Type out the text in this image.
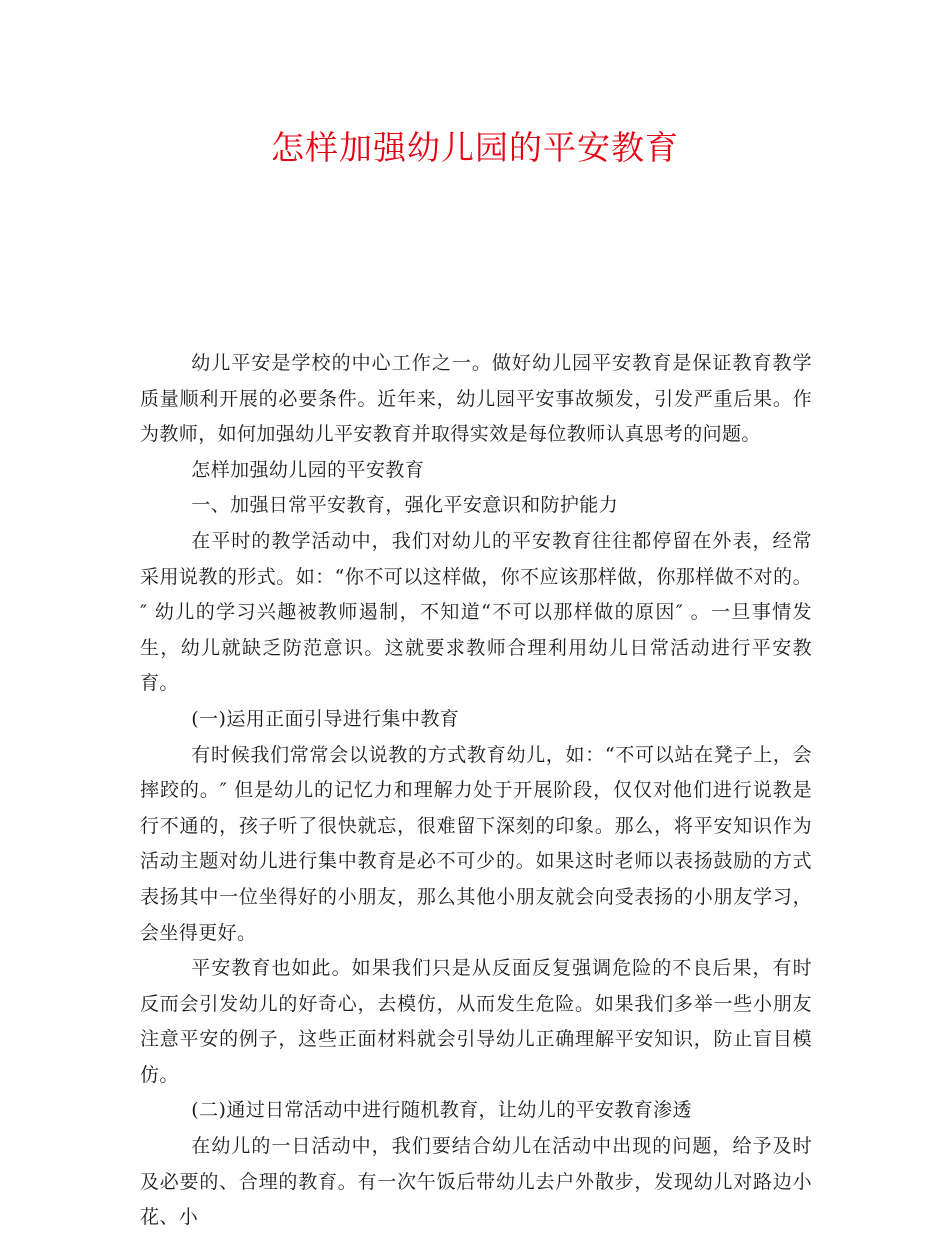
怎样加强幼儿园的平安教育

幼儿平安是学校的中心工作之一。做好幼儿园平安教育是保证教育教学质量顺利开展的必要条件。近年来，幼儿园平安事故频发，引发严重后果。作为教师，如何加强幼儿平安教育并取得实效是每位教师认真思考的问题。

怎样加强幼儿园的平安教育

一、加强日常平安教育，强化平安意识和防护能力

在平时的教学活动中，我们对幼儿的平安教育往往都停留在外表，经常采用说教的形式。如：“你不可以这样做，你不应该那样做，你那样做不对的。″ 幼儿的学习兴趣被教师遏制，不知道“不可以那样做的原因″ 。一旦事情发生，幼儿就缺乏防范意识。这就要求教师合理利用幼儿日常活动进行平安教育。

(一)运用正面引导进行集中教育

有时候我们常常会以说教的方式教育幼儿，如：“不可以站在凳子上，会摔跤的。″ 但是幼儿的记忆力和理解力处于开展阶段，仅仅对他们进行说教是行不通的，孩子听了很快就忘，很难留下深刻的印象。那么，将平安知识作为活动主题对幼儿进行集中教育是必不可少的。如果这时老师以表扬鼓励的方式表扬其中一位坐得好的小朋友，那么其他小朋友就会向受表扬的小朋友学习，会坐得更好。

平安教育也如此。如果我们只是从反面反复强调危险的不良后果，有时反而会引发幼儿的好奇心，去模仿，从而发生危险。如果我们多举一些小朋友注意平安的例子，这些正面材料就会引导幼儿正确理解平安知识，防止盲目模仿。

(二)通过日常活动中进行随机教育，让幼儿的平安教育渗透

在幼儿的一日活动中，我们要结合幼儿在活动中出现的问题，给予及时及必要的、合理的教育。有一次午饭后带幼儿去户外散步，发现幼儿对路边小花、小
